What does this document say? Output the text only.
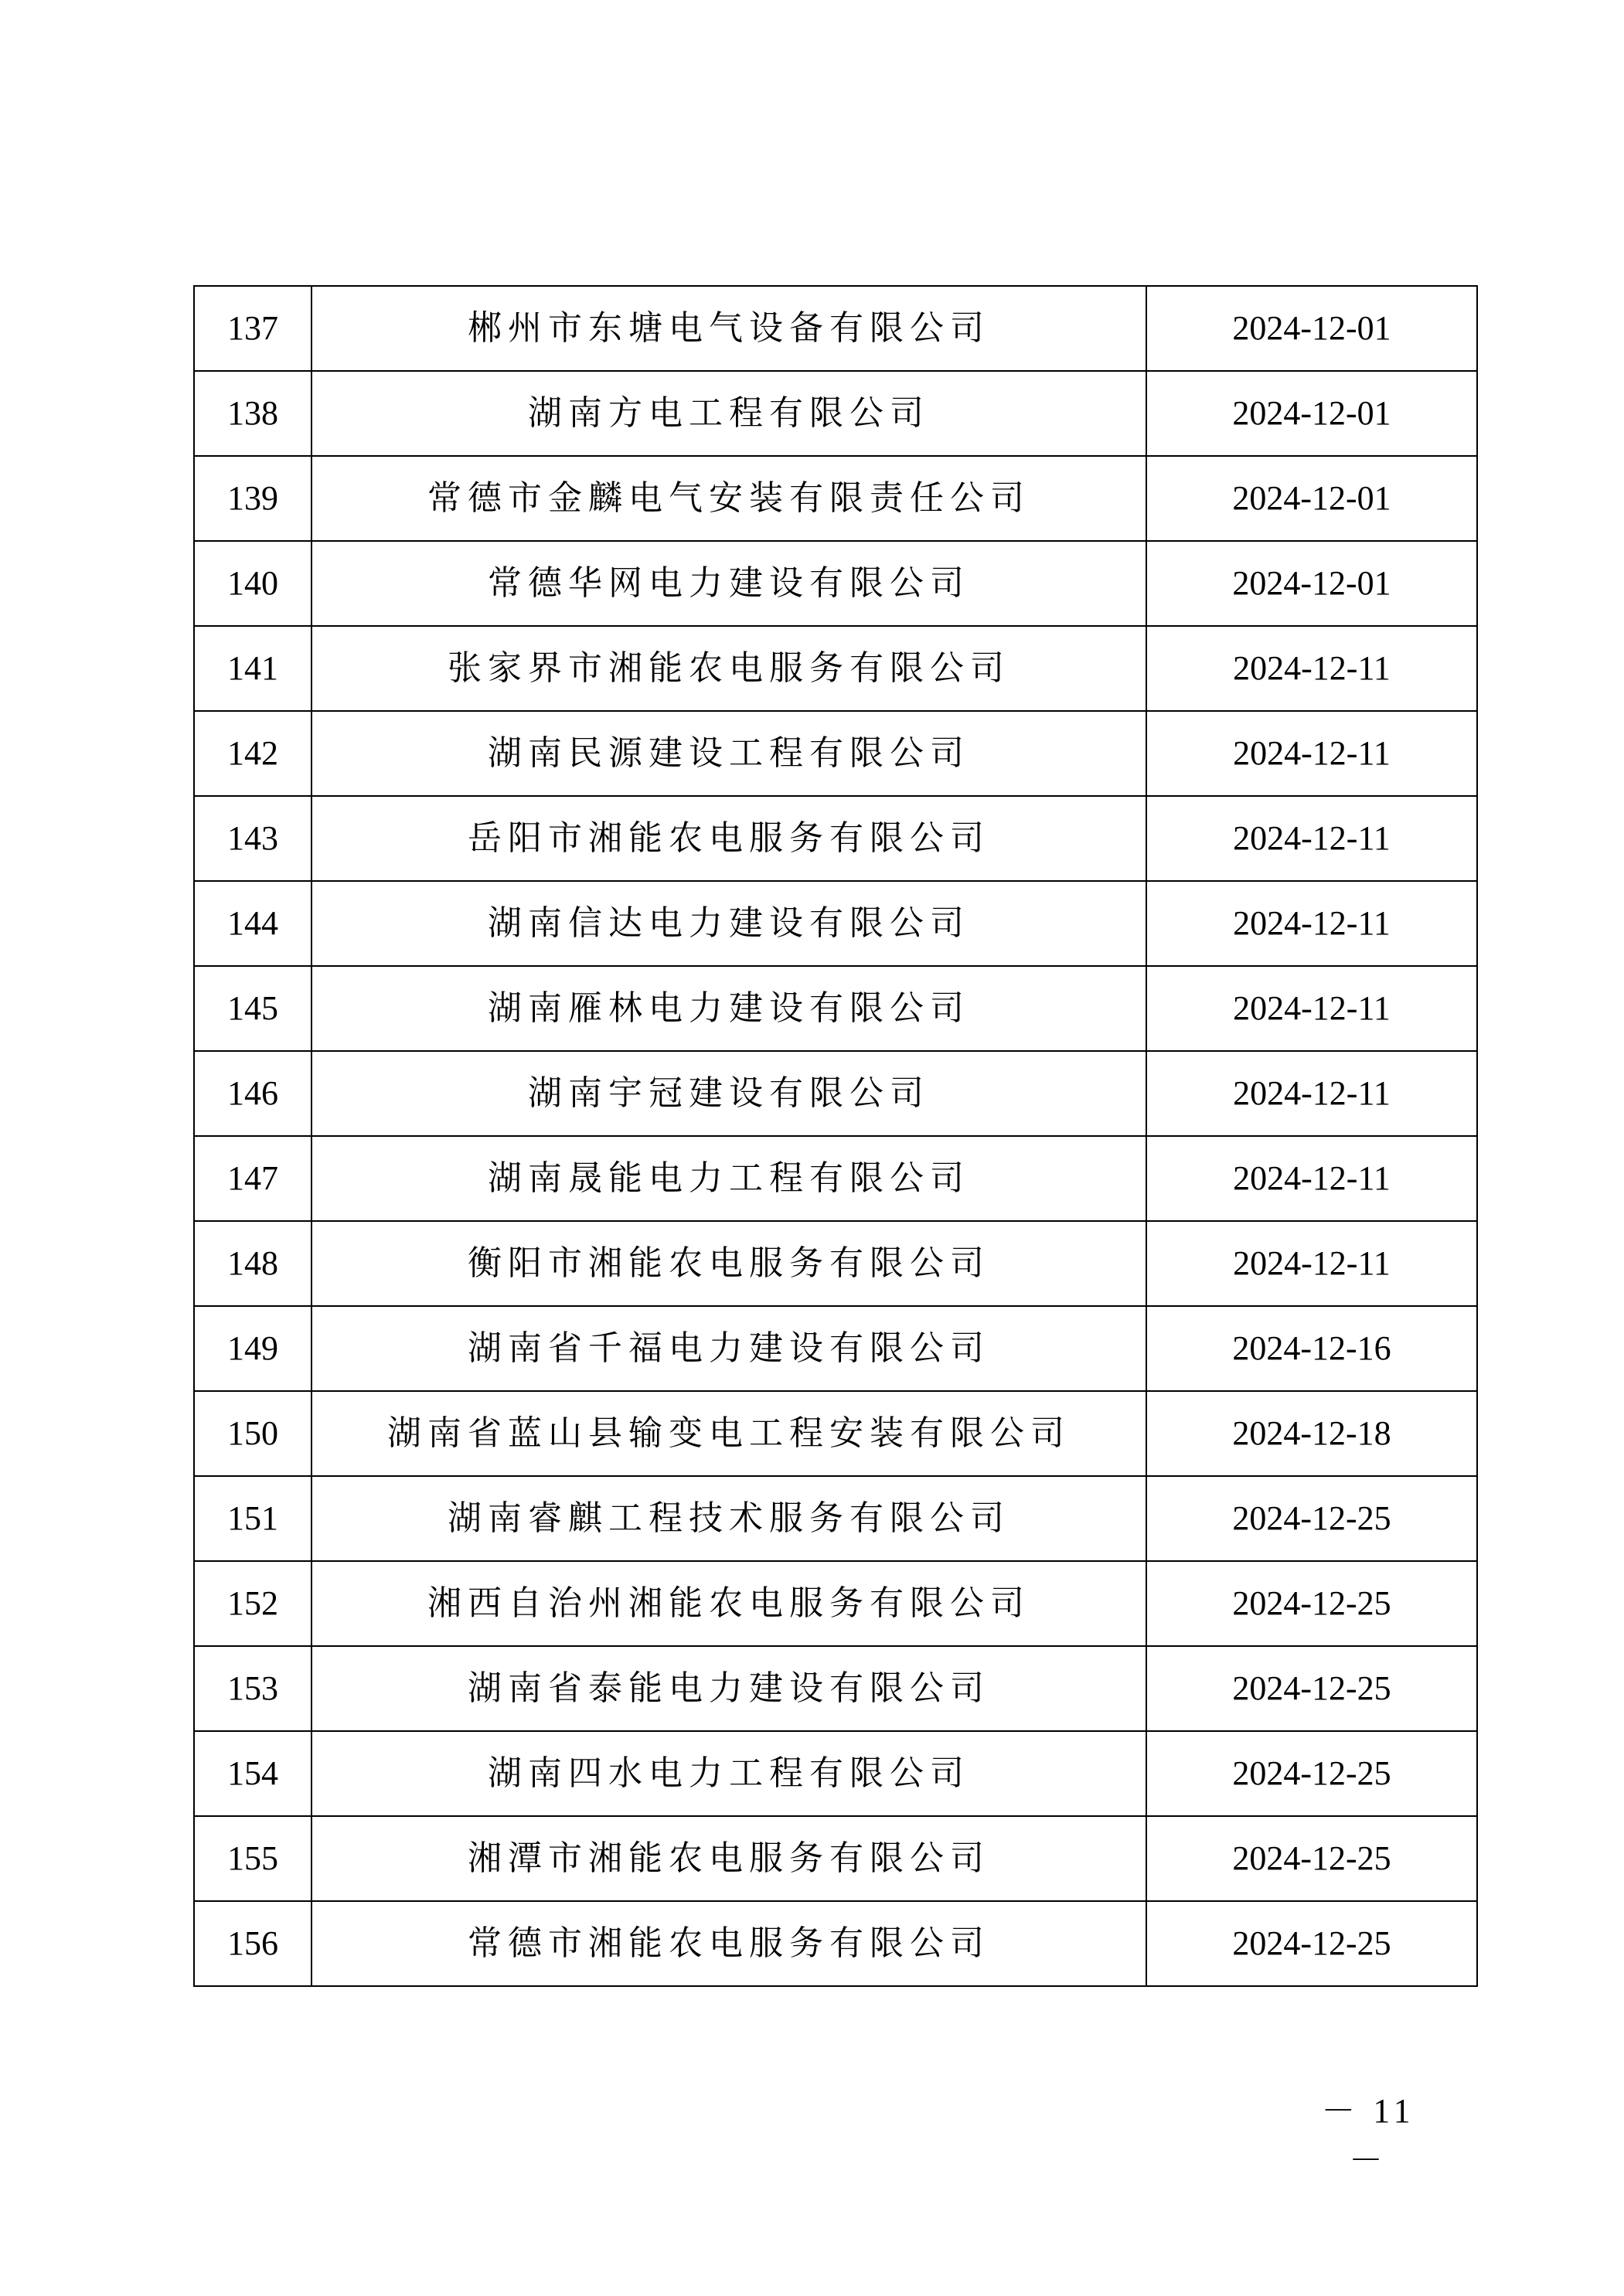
137	郴州市东塘电气设备有限公司	2024-12-01
138	湖南方电工程有限公司	2024-12-01
139	常德市金麟电气安装有限责任公司	2024-12-01
140	常德华网电力建设有限公司	2024-12-01
141	张家界市湘能农电服务有限公司	2024-12-11
142	湖南民源建设工程有限公司	2024-12-11
143	岳阳市湘能农电服务有限公司	2024-12-11
144	湖南信达电力建设有限公司	2024-12-11
145	湖南雁林电力建设有限公司	2024-12-11
146	湖南宇冠建设有限公司	2024-12-11
147	湖南晟能电力工程有限公司	2024-12-11
148	衡阳市湘能农电服务有限公司	2024-12-11
149	湖南省千福电力建设有限公司	2024-12-16
150	湖南省蓝山县输变电工程安装有限公司	2024-12-18
151	湖南睿麒工程技术服务有限公司	2024-12-25
152	湘西自治州湘能农电服务有限公司	2024-12-25
153	湖南省泰能电力建设有限公司	2024-12-25
154	湖南四水电力工程有限公司	2024-12-25
155	湘潭市湘能农电服务有限公司	2024-12-25
156	常德市湘能农电服务有限公司	2024-12-25
－ 11 －
